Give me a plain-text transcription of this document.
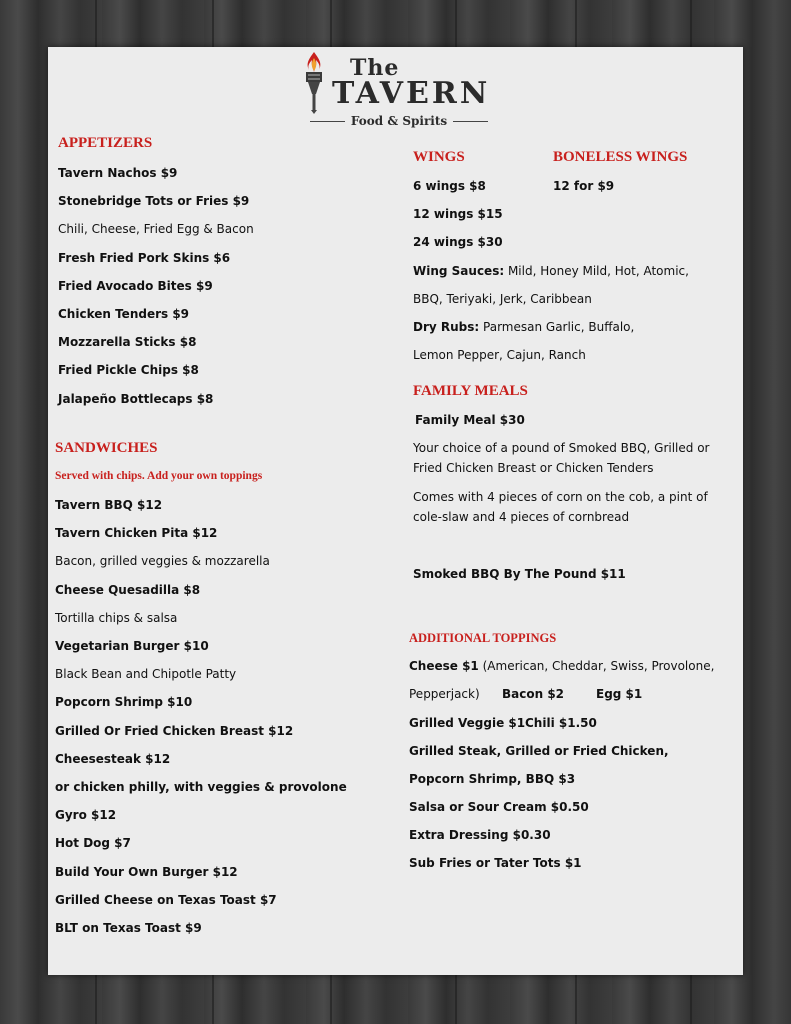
The
TAVERN
Food & Spirits
APPETIZERS
Tavern Nachos $9
Stonebridge Tots or Fries $9
Chili, Cheese, Fried Egg & Bacon
Fresh Fried Pork Skins $6
Fried Avocado Bites $9
Chicken Tenders $9
Mozzarella Sticks $8
Fried Pickle Chips $8
Jalapeño Bottlecaps $8
SANDWICHES
Served with chips. Add your own toppings
Tavern BBQ $12
Tavern Chicken Pita $12
Bacon, grilled veggies & mozzarella
Cheese Quesadilla $8
Tortilla chips & salsa
Vegetarian Burger $10
Black Bean and Chipotle Patty
Popcorn Shrimp $10
Grilled Or Fried Chicken Breast $12
Cheesesteak $12
or chicken philly, with veggies & provolone
Gyro $12
Hot Dog $7
Build Your Own Burger $12
Grilled Cheese on Texas Toast $7
BLT on Texas Toast $9
WINGS
6 wings $8
12 wings $15
24 wings $30
Wing Sauces: Mild, Honey Mild, Hot, Atomic,
BBQ, Teriyaki, Jerk, Caribbean
Dry Rubs: Parmesan Garlic, Buffalo,
Lemon Pepper, Cajun, Ranch
BONELESS WINGS
12 for $9
FAMILY MEALS
Family Meal $30
Your choice of a pound of Smoked BBQ, Grilled or Fried Chicken Breast or Chicken Tenders
Comes with 4 pieces of corn on the cob, a pint of cole-slaw and 4 pieces of cornbread
Smoked BBQ By The Pound $11
ADDITIONAL TOPPINGS
Cheese $1 (American, Cheddar, Swiss, Provolone,
Pepperjack) Bacon $2	Egg $1
Grilled Veggie $1 Chili $1.50
Grilled Steak, Grilled or Fried Chicken,
Popcorn Shrimp, BBQ $3
Salsa or Sour Cream $0.50
Extra Dressing $0.30
Sub Fries or Tater Tots $1
